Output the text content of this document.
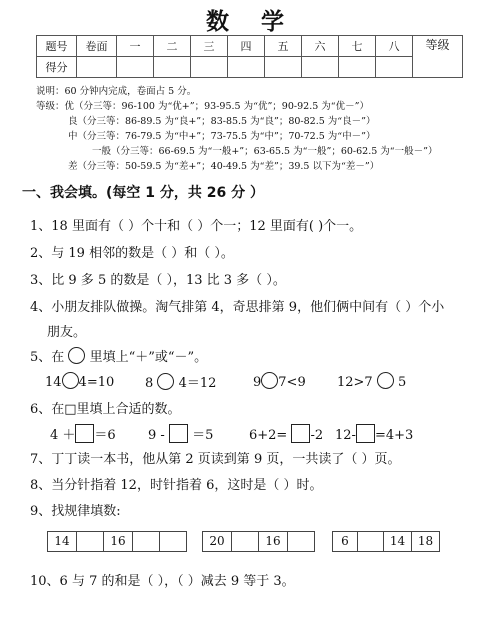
数 学
题号	卷面	一	二	三	四	五	六	七	八	等级
得分										
说明：60 分钟内完成，卷面占 5 分。
等级：优（分三等：96-100 为“优+”；93-95.5 为“优”；90-92.5 为“优－”）
良（分三等：86-89.5 为“良+”；83-85.5 为“良”；80-82.5 为“良－”）
中（分三等：76-79.5 为“中+”；73-75.5 为“中”；70-72.5 为“中－”）
一般（分三等：66-69.5 为“一般+”；63-65.5 为“一般”；60-62.5 为“一般－”）
差（分三等：50-59.5 为“差+”；40-49.5 为“差”；39.5 以下为“差－”）
一、我会填。(每空 1 分，共 26 分 ）
1、18 里面有（ ）个十和（ ）个一；12 里面有( )个一。
2、与 19 相邻的数是（ ）和（ ）。
3、比 9 多 5 的数是（ ），13 比 3 多（ ）。
4、小朋友排队做操。淘气排第 4，奇思排第 9，他们俩中间有（ ）个小
朋友。
5、在 里填上“＋”或“－”。
14 4=10 8 4＝12	9 7<9 12>7 5
6、在□里填上合适的数。
4 ＋ ＝6 9 - ＝5	6+2= -2 12- =4+3
7、丁丁读一本书，他从第 2 页读到第 9 页，一共读了（ ）页。
8、当分针指着 12，时针指着 6，这时是（ ）时。
9、找规律填数:
14	16	20	16	6	14	18
10、6 与 7 的和是（ ），（ ）减去 9 等于 3。
